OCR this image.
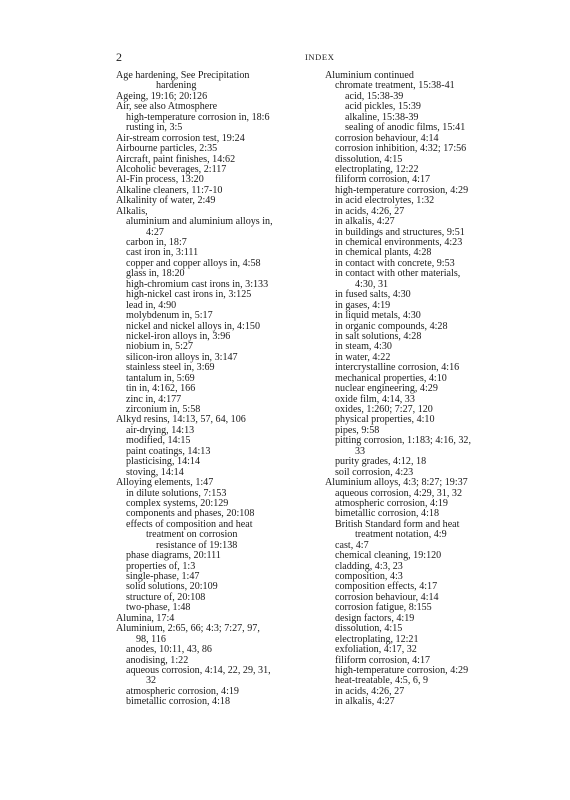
2	INDEX
Age hardening, See Precipitation
hardening
Ageing, 19:16; 20:126
Air, see also Atmosphere
high-temperature corrosion in, 18:6
rusting in, 3:5
Air-stream corrosion test, 19:24
Airbourne particles, 2:35
Aircraft, paint finishes, 14:62
Alcoholic beverages, 2:117
Al-Fin process, 13:20
Alkaline cleaners, 11:7-10
Alkalinity of water, 2:49
Alkalis,
aluminium and aluminium alloys in,
4:27
carbon in, 18:7
cast iron in, 3:111
copper and copper alloys in, 4:58
glass in, 18:20
high-chromium cast irons in, 3:133
high-nickel cast irons in, 3:125
lead in, 4:90
molybdenum in, 5:17
nickel and nickel alloys in, 4:150
nickel-iron alloys in, 3:96
niobium in, 5:27
silicon-iron alloys in, 3:147
stainless steel in, 3:69
tantalum in, 5:69
tin in, 4:162, 166
zinc in, 4:177
zirconium in, 5:58
Alkyd resins, 14:13, 57, 64, 106
air-drying, 14:13
modified, 14:15
paint coatings, 14:13
plasticising, 14:14
stoving, 14:14
Alloying elements, 1:47
in dilute solutions, 7:153
complex systems, 20:129
components and phases, 20:108
effects of composition and heat
treatment on corrosion
resistance of 19:138
phase diagrams, 20:111
properties of, 1:3
single-phase, 1:47
solid solutions, 20:109
structure of, 20:108
two-phase, 1:48
Alumina, 17:4
Aluminium, 2:65, 66; 4:3; 7:27, 97,
98, 116
anodes, 10:11, 43, 86
anodising, 1:22
aqueous corrosion, 4:14, 22, 29, 31,
32
atmospheric corrosion, 4:19
bimetallic corrosion, 4:18
Aluminium continued
chromate treatment, 15:38-41
acid, 15:38-39
acid pickles, 15:39
alkaline, 15:38-39
sealing of anodic films, 15:41
corrosion behaviour, 4:14
corrosion inhibition, 4:32; 17:56
dissolution, 4:15
electroplating, 12:22
filiform corrosion, 4:17
high-temperature corrosion, 4:29
in acid electrolytes, 1:32
in acids, 4:26, 27
in alkalis, 4:27
in buildings and structures, 9:51
in chemical environments, 4:23
in chemical plants, 4:28
in contact with concrete, 9:53
in contact with other materials,
4:30, 31
in fused salts, 4:30
in gases, 4:19
in liquid metals, 4:30
in organic compounds, 4:28
in salt solutions, 4:28
in steam, 4:30
in water, 4:22
intercrystalline corrosion, 4:16
mechanical properties, 4:10
nuclear engineering, 4:29
oxide film, 4:14, 33
oxides, 1:260; 7:27, 120
physical properties, 4:10
pipes, 9:58
pitting corrosion, 1:183; 4:16, 32,
33
purity grades, 4:12, 18
soil corrosion, 4:23
Aluminium alloys, 4:3; 8:27; 19:37
aqueous corrosion, 4:29, 31, 32
atmospheric corrosion, 4:19
bimetallic corrosion, 4:18
British Standard form and heat
treatment notation, 4:9
cast, 4:7
chemical cleaning, 19:120
cladding, 4:3, 23
composition, 4:3
composition effects, 4:17
corrosion behaviour, 4:14
corrosion fatigue, 8:155
design factors, 4:19
dissolution, 4:15
electroplating, 12:21
exfoliation, 4:17, 32
filiform corrosion, 4:17
high-temperature corrosion, 4:29
heat-treatable, 4:5, 6, 9
in acids, 4:26, 27
in alkalis, 4:27
